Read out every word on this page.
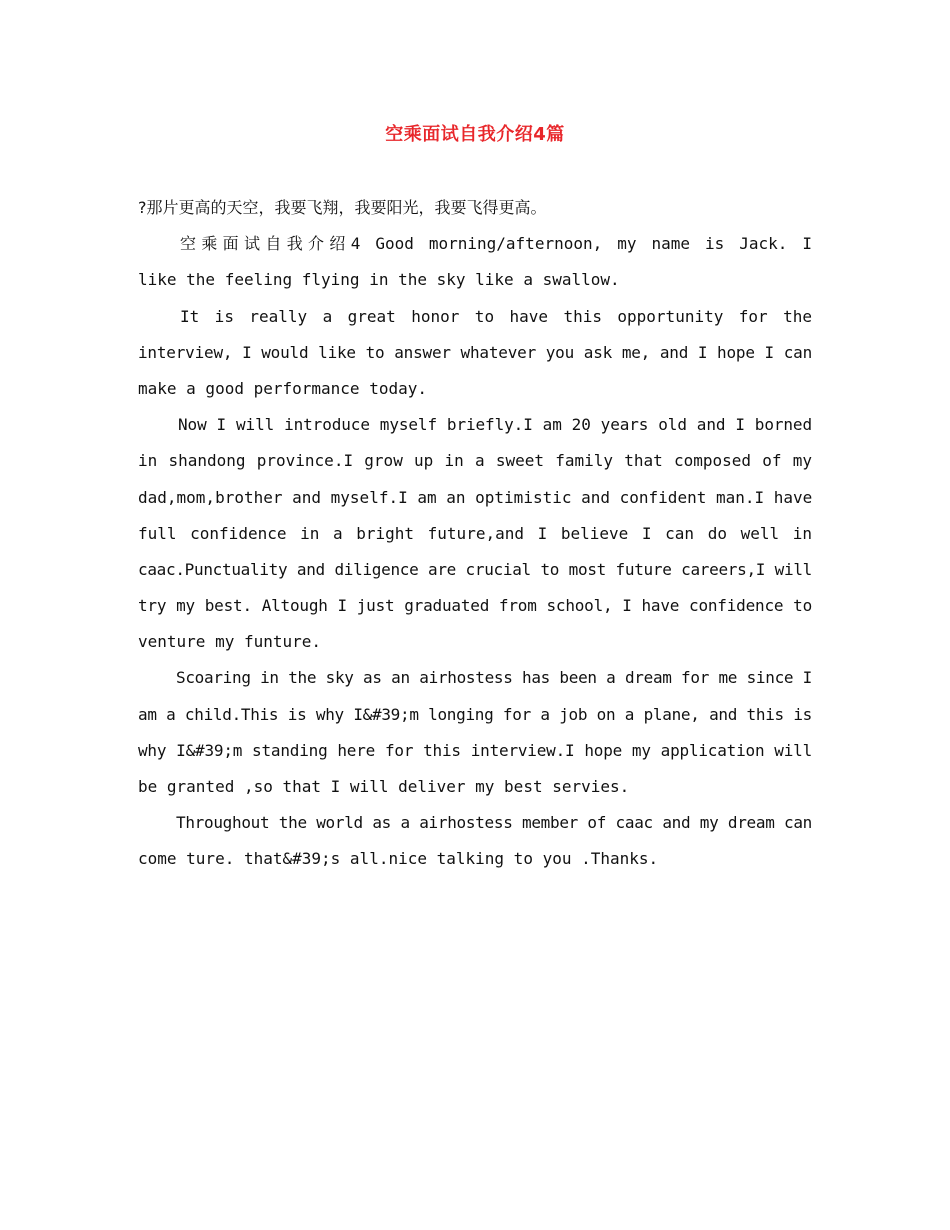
空乘面试自我介绍4篇
?那片更高的天空，我要飞翔，我要阳光，我要飞得更高。
空乘面试自我介绍4 Good morning/afternoon, my name is Jack. I
like the feeling flying in the sky like a swallow.
It is really a great honor to have this opportunity for the
interview, I would like to answer whatever you ask me, and I hope I can
make a good performance today.
Now I will introduce myself briefly.I am 20 years old and I borned
in shandong province.I grow up in a sweet family that composed of my
dad,mom,brother and myself.I am an optimistic and confident man.I have
full confidence in a bright future,and I believe I can do well in
caac.Punctuality and diligence are crucial to most future careers,I will
try my best. Altough I just graduated from school, I have confidence to
venture my funture.
Scoaring in the sky as an airhostess has been a dream for me since I
am a child.This is why I&#39;m longing for a job on a plane, and this is
why I&#39;m standing here for this interview.I hope my application will
be granted ,so that I will deliver my best servies.
Throughout the world as a airhostess member of caac and my dream can
come ture. that&#39;s all.nice talking to you .Thanks.
